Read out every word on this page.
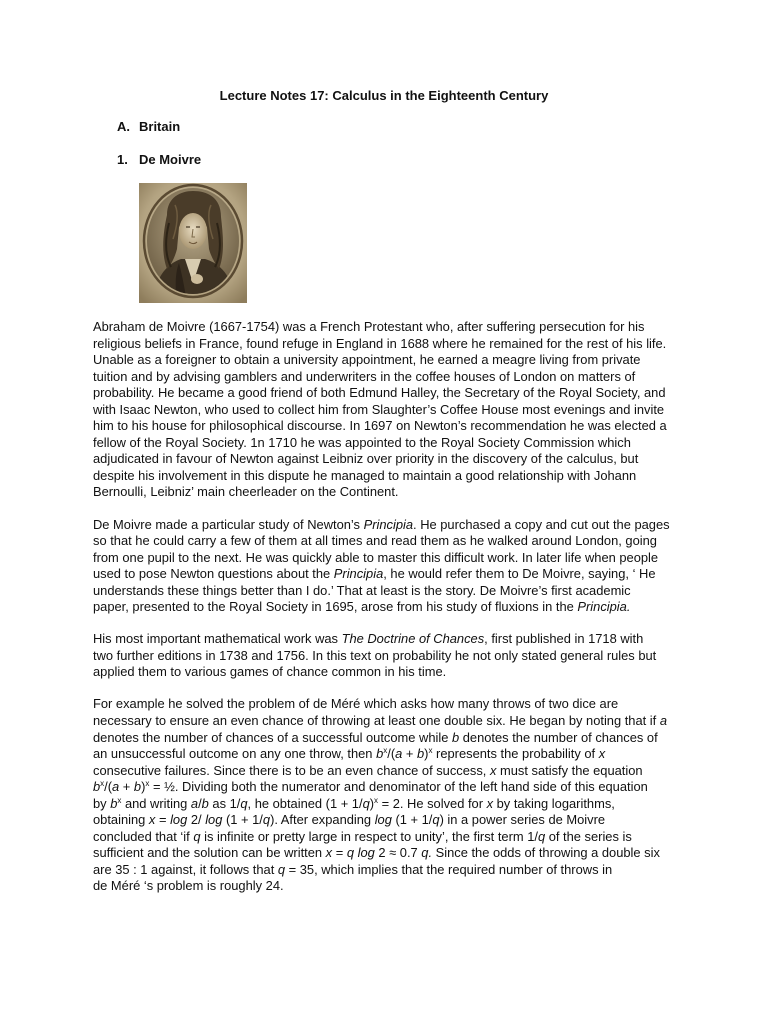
Lecture Notes 17: Calculus in the Eighteenth Century
A. Britain
1. De Moivre

Abraham de Moivre (1667-1754) was a French Protestant who, after suffering persecution for his
religious beliefs in France, found refuge in England in 1688 where he remained for the rest of his life.
Unable as a foreigner to obtain a university appointment, he earned a meagre living from private
tuition and by advising gamblers and underwriters in the coffee houses of London on matters of
probability. He became a good friend of both Edmund Halley, the Secretary of the Royal Society, and
with Isaac Newton, who used to collect him from Slaughter’s Coffee House most evenings and invite
him to his house for philosophical discourse. In 1697 on Newton’s recommendation he was elected a
fellow of the Royal Society. 1n 1710 he was appointed to the Royal Society Commission which
adjudicated in favour of Newton against Leibniz over priority in the discovery of the calculus, but
despite his involvement in this dispute he managed to maintain a good relationship with Johann
Bernoulli, Leibniz’ main cheerleader on the Continent.

De Moivre made a particular study of Newton’s Principia. He purchased a copy and cut out the pages
so that he could carry a few of them at all times and read them as he walked around London, going
from one pupil to the next. He was quickly able to master this difficult work. In later life when people
used to pose Newton questions about the Principia, he would refer them to De Moivre, saying, ‘ He
understands these things better than I do.’ That at least is the story. De Moivre’s first academic
paper, presented to the Royal Society in 1695, arose from his study of fluxions in the Principia.

His most important mathematical work was The Doctrine of Chances, first published in 1718 with
two further editions in 1738 and 1756. In this text on probability he not only stated general rules but
applied them to various games of chance common in his time.

For example he solved the problem of de Méré which asks how many throws of two dice are
necessary to ensure an even chance of throwing at least one double six. He began by noting that if a
denotes the number of chances of a successful outcome while b denotes the number of chances of
an unsuccessful outcome on any one throw, then $b^x/(a + b)^x$ represents the probability of x
consecutive failures. Since there is to be an even chance of success, x must satisfy the equation
$b^x/(a + b)^x$ = ½. Dividing both the numerator and denominator of the left hand side of this equation
by $b^x$ and writing a/b as 1/q, he obtained $(1 + 1/q)^x = 2$. He solved for x by taking logarithms,
obtaining x = log 2/ log (1 + 1/q). After expanding log (1 + 1/q) in a power series de Moivre
concluded that ‘if q is infinite or pretty large in respect to unity’, the first term 1/q of the series is
sufficient and the solution can be written x = q log 2 ≈ 0.7 q. Since the odds of throwing a double six
are 35 : 1 against, it follows that q = 35, which implies that the required number of throws in
de Méré ‘s problem is roughly 24.
